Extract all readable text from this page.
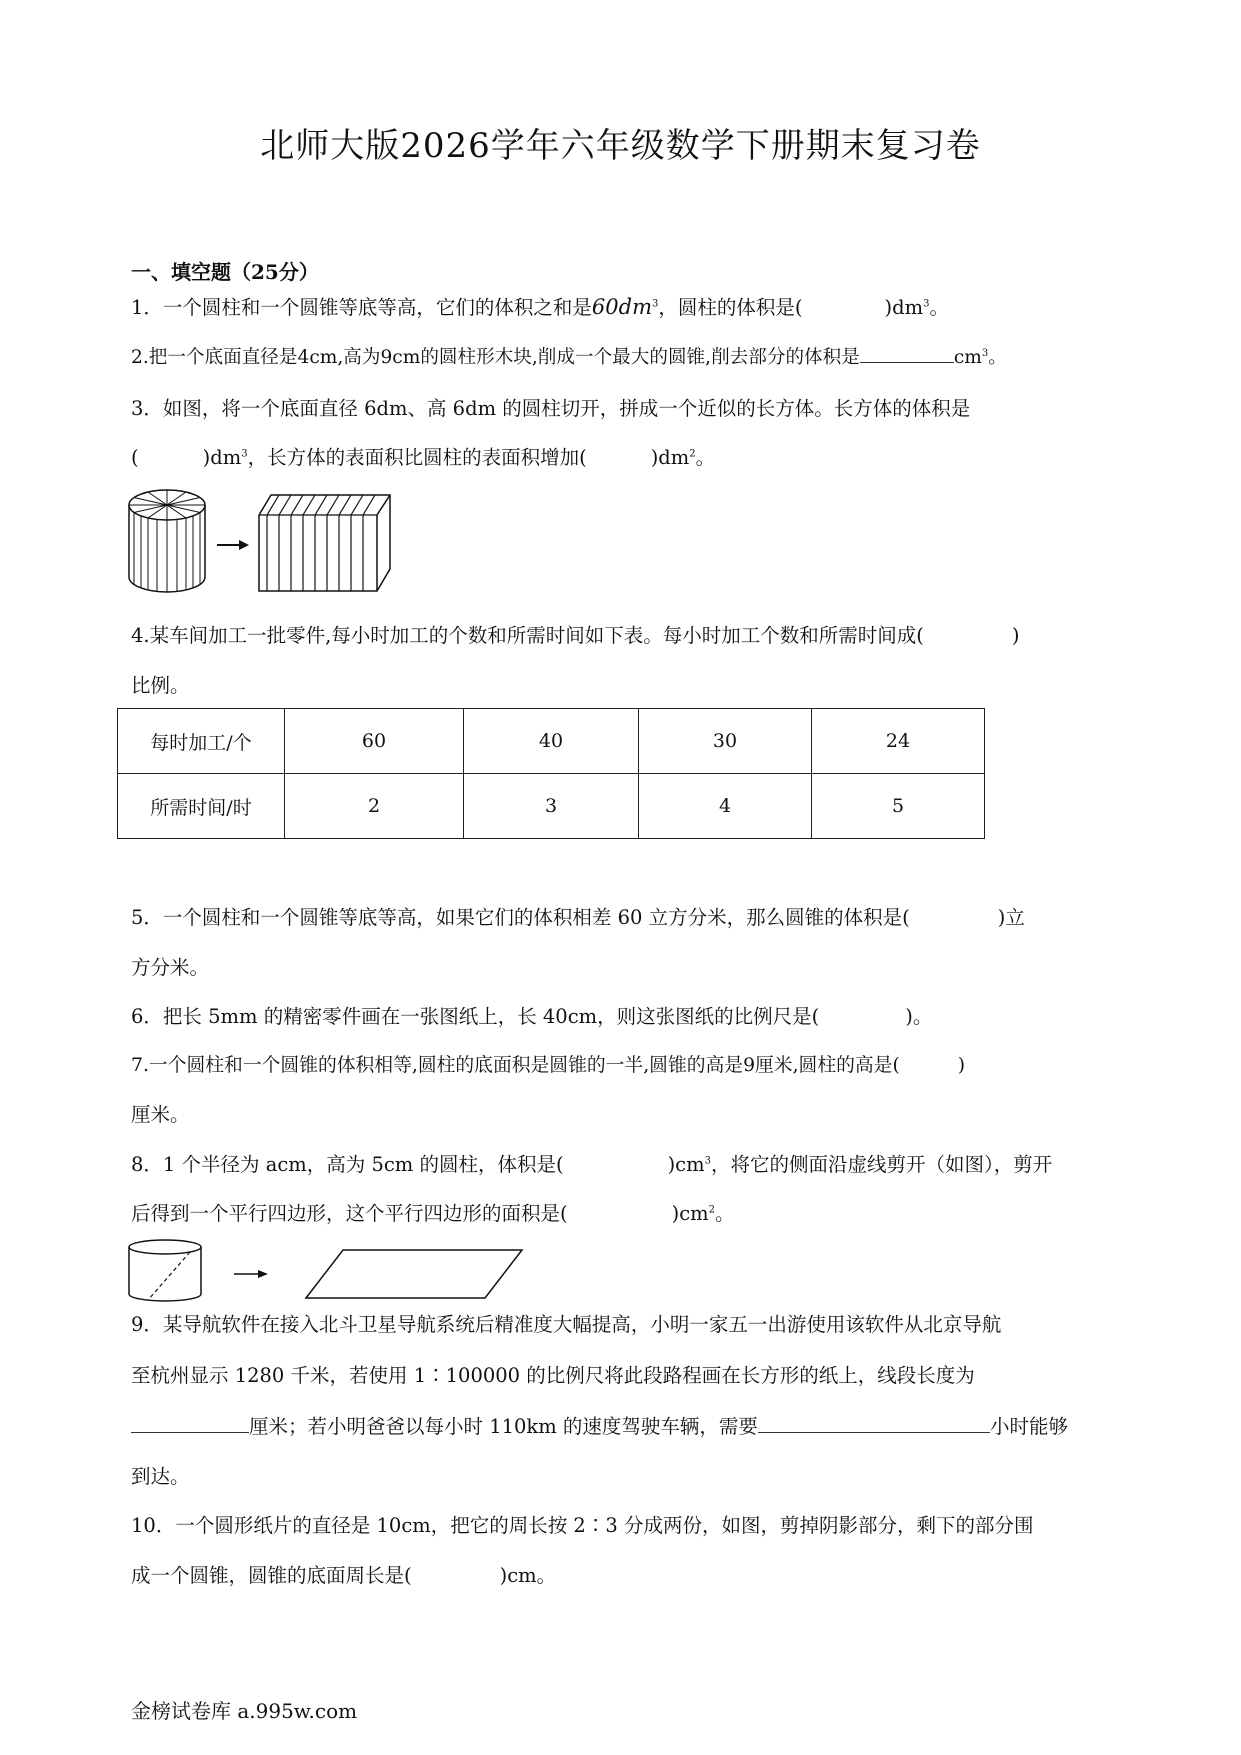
北师大版2026学年六年级数学下册期末复习卷
一、填空题（25分）
1．一个圆柱和一个圆锥等底等高，它们的体积之和是$60dm^3$，圆柱的体积是(	)$dm^3$。
2.把一个底面直径是4cm,高为9cm的圆柱形木块,削成一个最大的圆锥,削去部分的体积是	$cm^3$。
3．如图，将一个底面直径 6dm、高 6dm 的圆柱切开，拼成一个近似的长方体。长方体的体积是
(	)$dm^3$，长方体的表面积比圆柱的表面积增加(	)$dm^2$。
4.某车间加工一批零件,每小时加工的个数和所需时间如下表。每小时加工个数和所需时间成(	)
比例。
每时加工/个	60	40	30	24
所需时间/时	2	3	4	5
5．一个圆柱和一个圆锥等底等高，如果它们的体积相差 60 立方分米，那么圆锥的体积是(	)立
方分米。
6．把长 5mm 的精密零件画在一张图纸上，长 40cm，则这张图纸的比例尺是(	)。
7.一个圆柱和一个圆锥的体积相等,圆柱的底面积是圆锥的一半,圆锥的高是9厘米,圆柱的高是(	)
厘米。
8．1 个半径为 acm，高为 5cm 的圆柱，体积是(	)$cm^3$，将它的侧面沿虚线剪开（如图），剪开
后得到一个平行四边形，这个平行四边形的面积是(	)$cm^2$。
9．某导航软件在接入北斗卫星导航系统后精准度大幅提高，小明一家五一出游使用该软件从北京导航
至杭州显示 1280 千米，若使用 1∶100000 的比例尺将此段路程画在长方形的纸上，线段长度为
厘米；若小明爸爸以每小时 110km 的速度驾驶车辆，需要	小时能够
到达。
10．一个圆形纸片的直径是 10cm，把它的周长按 2∶3 分成两份，如图，剪掉阴影部分，剩下的部分围
成一个圆锥，圆锥的底面周长是(	)cm。
金榜试卷库 a.995w.com
